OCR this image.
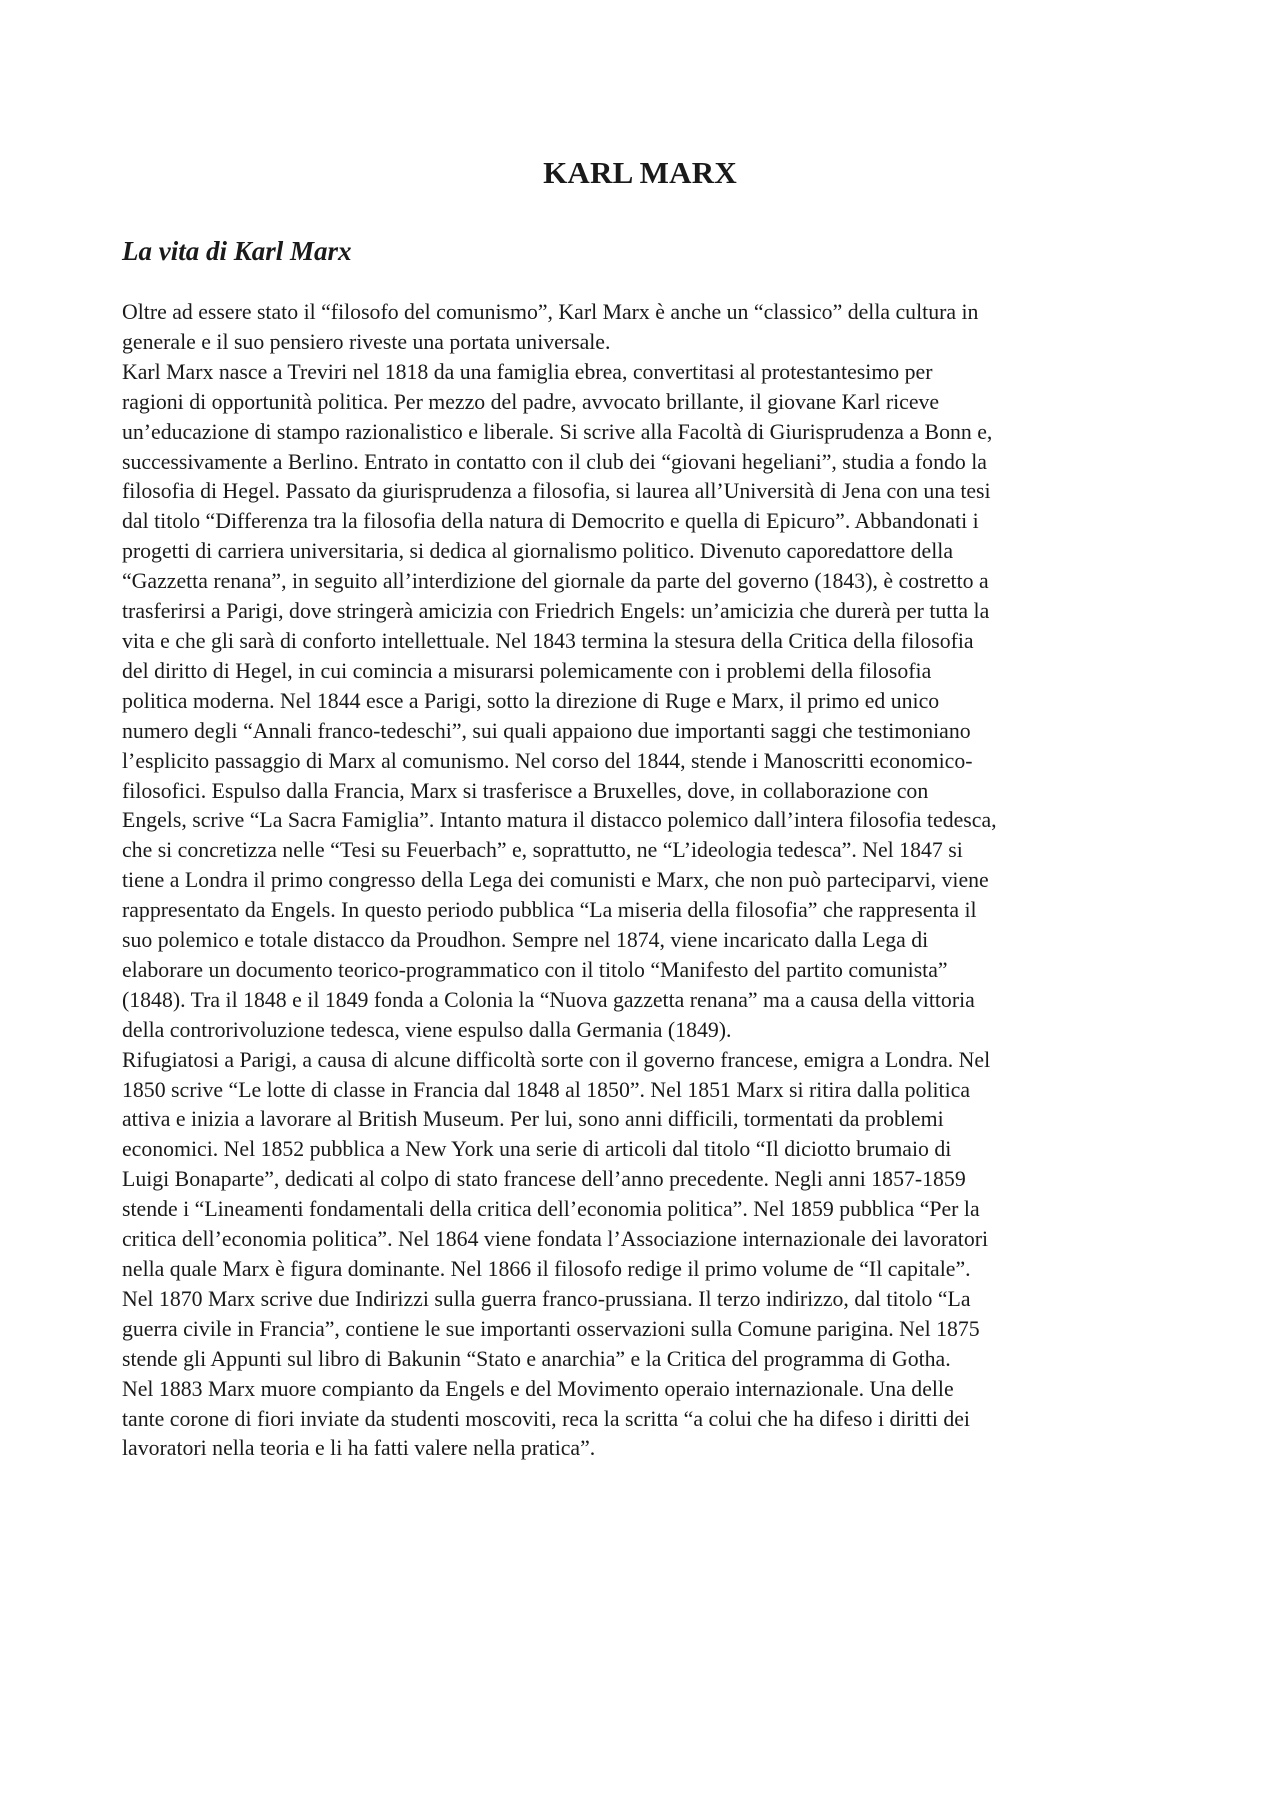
KARL MARX
La vita di Karl Marx

Oltre ad essere stato il “filosofo del comunismo”, Karl Marx è anche un “classico” della cultura in
generale e il suo pensiero riveste una portata universale.

Karl Marx nasce a Treviri nel 1818 da una famiglia ebrea, convertitasi al protestantesimo per
ragioni di opportunità politica. Per mezzo del padre, avvocato brillante, il giovane Karl riceve
un’educazione di stampo razionalistico e liberale. Si scrive alla Facoltà di Giurisprudenza a Bonn e,
successivamente a Berlino. Entrato in contatto con il club dei “giovani hegeliani”, studia a fondo la
filosofia di Hegel. Passato da giurisprudenza a filosofia, si laurea all’Università di Jena con una tesi
dal titolo “Differenza tra la filosofia della natura di Democrito e quella di Epicuro”. Abbandonati i
progetti di carriera universitaria, si dedica al giornalismo politico. Divenuto caporedattore della
“Gazzetta renana”, in seguito all’interdizione del giornale da parte del governo (1843), è costretto a
trasferirsi a Parigi, dove stringerà amicizia con Friedrich Engels: un’amicizia che durerà per tutta la
vita e che gli sarà di conforto intellettuale. Nel 1843 termina la stesura della Critica della filosofia
del diritto di Hegel, in cui comincia a misurarsi polemicamente con i problemi della filosofia
politica moderna. Nel 1844 esce a Parigi, sotto la direzione di Ruge e Marx, il primo ed unico
numero degli “Annali franco-tedeschi”, sui quali appaiono due importanti saggi che testimoniano
l’esplicito passaggio di Marx al comunismo. Nel corso del 1844, stende i Manoscritti economico-
filosofici. Espulso dalla Francia, Marx si trasferisce a Bruxelles, dove, in collaborazione con
Engels, scrive “La Sacra Famiglia”. Intanto matura il distacco polemico dall’intera filosofia tedesca,
che si concretizza nelle “Tesi su Feuerbach” e, soprattutto, ne “L’ideologia tedesca”. Nel 1847 si
tiene a Londra il primo congresso della Lega dei comunisti e Marx, che non può parteciparvi, viene
rappresentato da Engels. In questo periodo pubblica “La miseria della filosofia” che rappresenta il
suo polemico e totale distacco da Proudhon. Sempre nel 1874, viene incaricato dalla Lega di
elaborare un documento teorico-programmatico con il titolo “Manifesto del partito comunista”
(1848). Tra il 1848 e il 1849 fonda a Colonia la “Nuova gazzetta renana” ma a causa della vittoria
della controrivoluzione tedesca, viene espulso dalla Germania (1849).

Rifugiatosi a Parigi, a causa di alcune difficoltà sorte con il governo francese, emigra a Londra. Nel
1850 scrive “Le lotte di classe in Francia dal 1848 al 1850”. Nel 1851 Marx si ritira dalla politica
attiva e inizia a lavorare al British Museum. Per lui, sono anni difficili, tormentati da problemi
economici. Nel 1852 pubblica a New York una serie di articoli dal titolo “Il diciotto brumaio di
Luigi Bonaparte”, dedicati al colpo di stato francese dell’anno precedente. Negli anni 1857-1859
stende i “Lineamenti fondamentali della critica dell’economia politica”. Nel 1859 pubblica “Per la
critica dell’economia politica”. Nel 1864 viene fondata l’Associazione internazionale dei lavoratori
nella quale Marx è figura dominante. Nel 1866 il filosofo redige il primo volume de “Il capitale”.
Nel 1870 Marx scrive due Indirizzi sulla guerra franco-prussiana. Il terzo indirizzo, dal titolo “La
guerra civile in Francia”, contiene le sue importanti osservazioni sulla Comune parigina. Nel 1875
stende gli Appunti sul libro di Bakunin “Stato e anarchia” e la Critica del programma di Gotha.
Nel 1883 Marx muore compianto da Engels e del Movimento operaio internazionale. Una delle
tante corone di fiori inviate da studenti moscoviti, reca la scritta “a colui che ha difeso i diritti dei
lavoratori nella teoria e li ha fatti valere nella pratica”.
